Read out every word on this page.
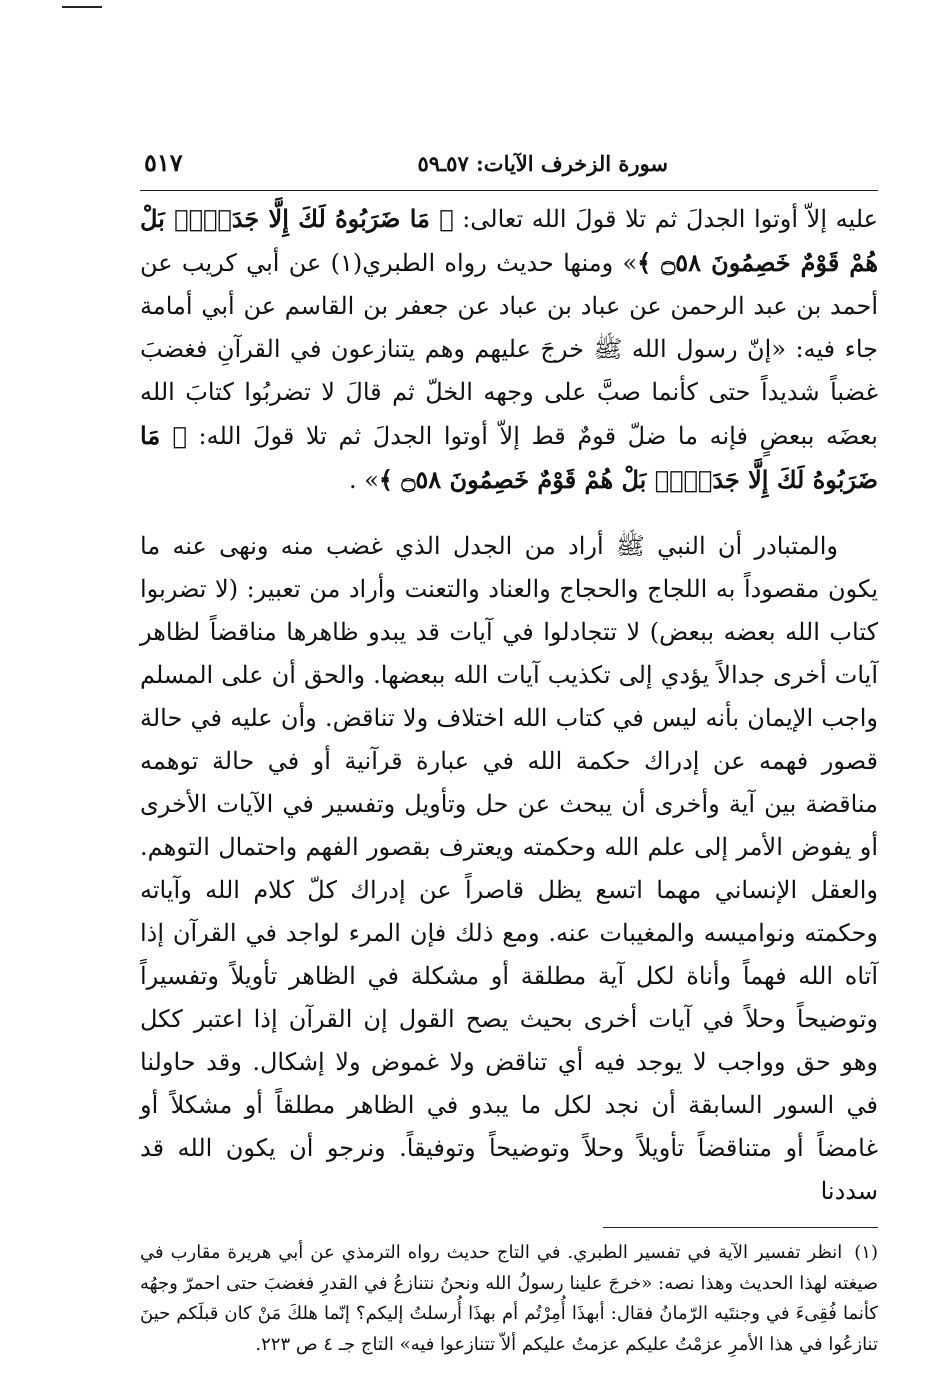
سورة الزخرف الآيات: ٥٧ـ٥٩
٥١٧

عليه إلاّ أوتوا الجدلَ ثم تلا قولَ الله تعالى: ﴿ مَا ضَرَبُوهُ لَكَ إِلَّا جَدَلًاۢ بَلْ هُمْ قَوْمٌ خَصِمُونَ ۝٥٨ ﴾» ومنها حديث رواه الطبري(١) عن أبي كريب عن أحمد بن عبد الرحمن عن عباد بن عباد عن جعفر بن القاسم عن أبي أمامة جاء فيه: «إنّ رسول الله ﷺ خرجَ عليهم وهم يتنازعون في القرآنِ فغضبَ غضباً شديداً حتى كأنما صبَّ على وجهه الخلّ ثم قالَ لا تضربُوا كتابَ الله بعضَه ببعضٍ فإنه ما ضلّ قومٌ قط إلاّ أوتوا الجدلَ ثم تلا قولَ الله: ﴿ مَا ضَرَبُوهُ لَكَ إِلَّا جَدَلًاۢ بَلْ هُمْ قَوْمٌ خَصِمُونَ ۝٥٨ ﴾» .

والمتبادر أن النبي ﷺ أراد من الجدل الذي غضب منه ونهى عنه ما يكون مقصوداً به اللجاج والحجاج والعناد والتعنت وأراد من تعبير: (لا تضربوا كتاب الله بعضه ببعض) لا تتجادلوا في آيات قد يبدو ظاهرها مناقضاً لظاهر آيات أخرى جدالاً يؤدي إلى تكذيب آيات الله ببعضها. والحق أن على المسلم واجب الإيمان بأنه ليس في كتاب الله اختلاف ولا تناقض. وأن عليه في حالة قصور فهمه عن إدراك حكمة الله في عبارة قرآنية أو في حالة توهمه مناقضة بين آية وأخرى أن يبحث عن حل وتأويل وتفسير في الآيات الأخرى أو يفوض الأمر إلى علم الله وحكمته ويعترف بقصور الفهم واحتمال التوهم. والعقل الإنساني مهما اتسع يظل قاصراً عن إدراك كلّ كلام الله وآياته وحكمته ونواميسه والمغيبات عنه. ومع ذلك فإن المرء لواجد في القرآن إذا آتاه الله فهماً وأناة لكل آية مطلقة أو مشكلة في الظاهر تأويلاً وتفسيراً وتوضيحاً وحلاً في آيات أخرى بحيث يصح القول إن القرآن إذا اعتبر ككل وهو حق وواجب لا يوجد فيه أي تناقض ولا غموض ولا إشكال. وقد حاولنا في السور السابقة أن نجد لكل ما يبدو في الظاهر مطلقاً أو مشكلاً أو غامضاً أو متناقضاً تأويلاً وحلاً وتوضيحاً وتوفيقاً. ونرجو أن يكون الله قد سددنا

(١)انظر تفسير الآية في تفسير الطبري. في التاج حديث رواه الترمذي عن أبي هريرة مقارب في صيغته لهذا الحديث وهذا نصه: «خرجَ علينا رسولُ الله ونحنُ نتنازعُ في القدرِ فغضبَ حتى احمرّ وجهُه كأنما فُقِىءَ في وجنتَيه الرّمانُ فقال: أبهذَا أُمِرْتُم أم بهذَا أُرسلتُ إليكم؟ إنّما هلكَ مَنْ كان قبلَكم حينَ تنازعُوا في هذا الأمرِ عزمْتُ عليكم عزمتُ عليكم ألاّ تتنازعوا فيه» التاج جـ ٤ ص ٢٢٣.
